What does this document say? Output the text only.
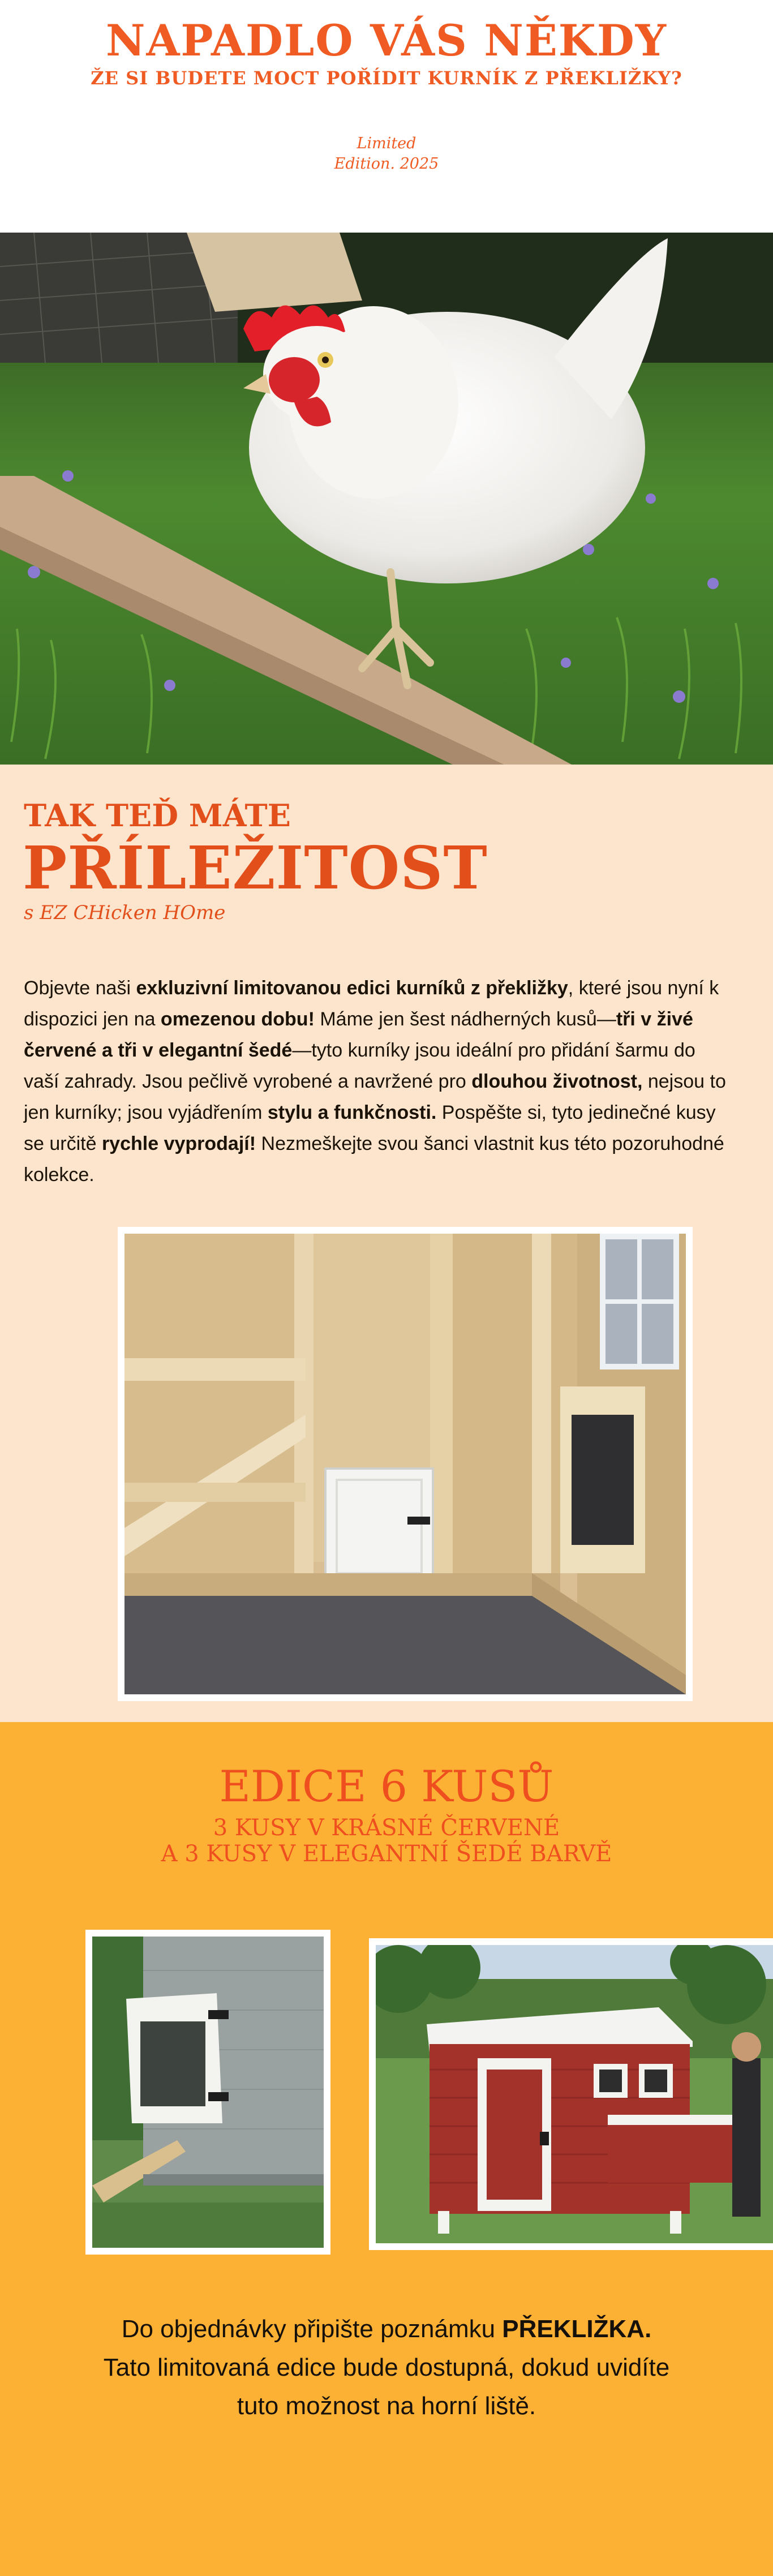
NAPADLO VÁS NĚKDY
ŽE SI BUDETE MOCT POŘÍDIT KURNÍK Z PŘEKLIŽKY?
Limited
Edition. 2025
TAK TEĎ MÁTE
PŘÍLEŽITOST
s EZ CHicken HOme
Objevte naši exkluzivní limitovanou edici kurníků z překližky, které jsou nyní k dispozici jen na omezenou dobu! Máme jen šest nádherných kusů—tři v živé červené a tři v elegantní šedé—tyto kurníky jsou ideální pro přidání šarmu do vaší zahrady. Jsou pečlivě vyrobené a navržené pro dlouhou životnost, nejsou to jen kurníky; jsou vyjádřením stylu a funkčnosti. Pospěšte si, tyto jedinečné kusy se určitě rychle vyprodají! Nezmeškejte svou šanci vlastnit kus této pozoruhodné kolekce.
EDICE 6 KUSŮ
3 KUSY V KRÁSNÉ ČERVENÉ
A 3 KUSY V ELEGANTNÍ ŠEDÉ BARVĚ
Do objednávky připište poznámku PŘEKLIŽKA.
Tato limitovaná edice bude dostupná, dokud uvidíte
tuto možnost na horní liště.
